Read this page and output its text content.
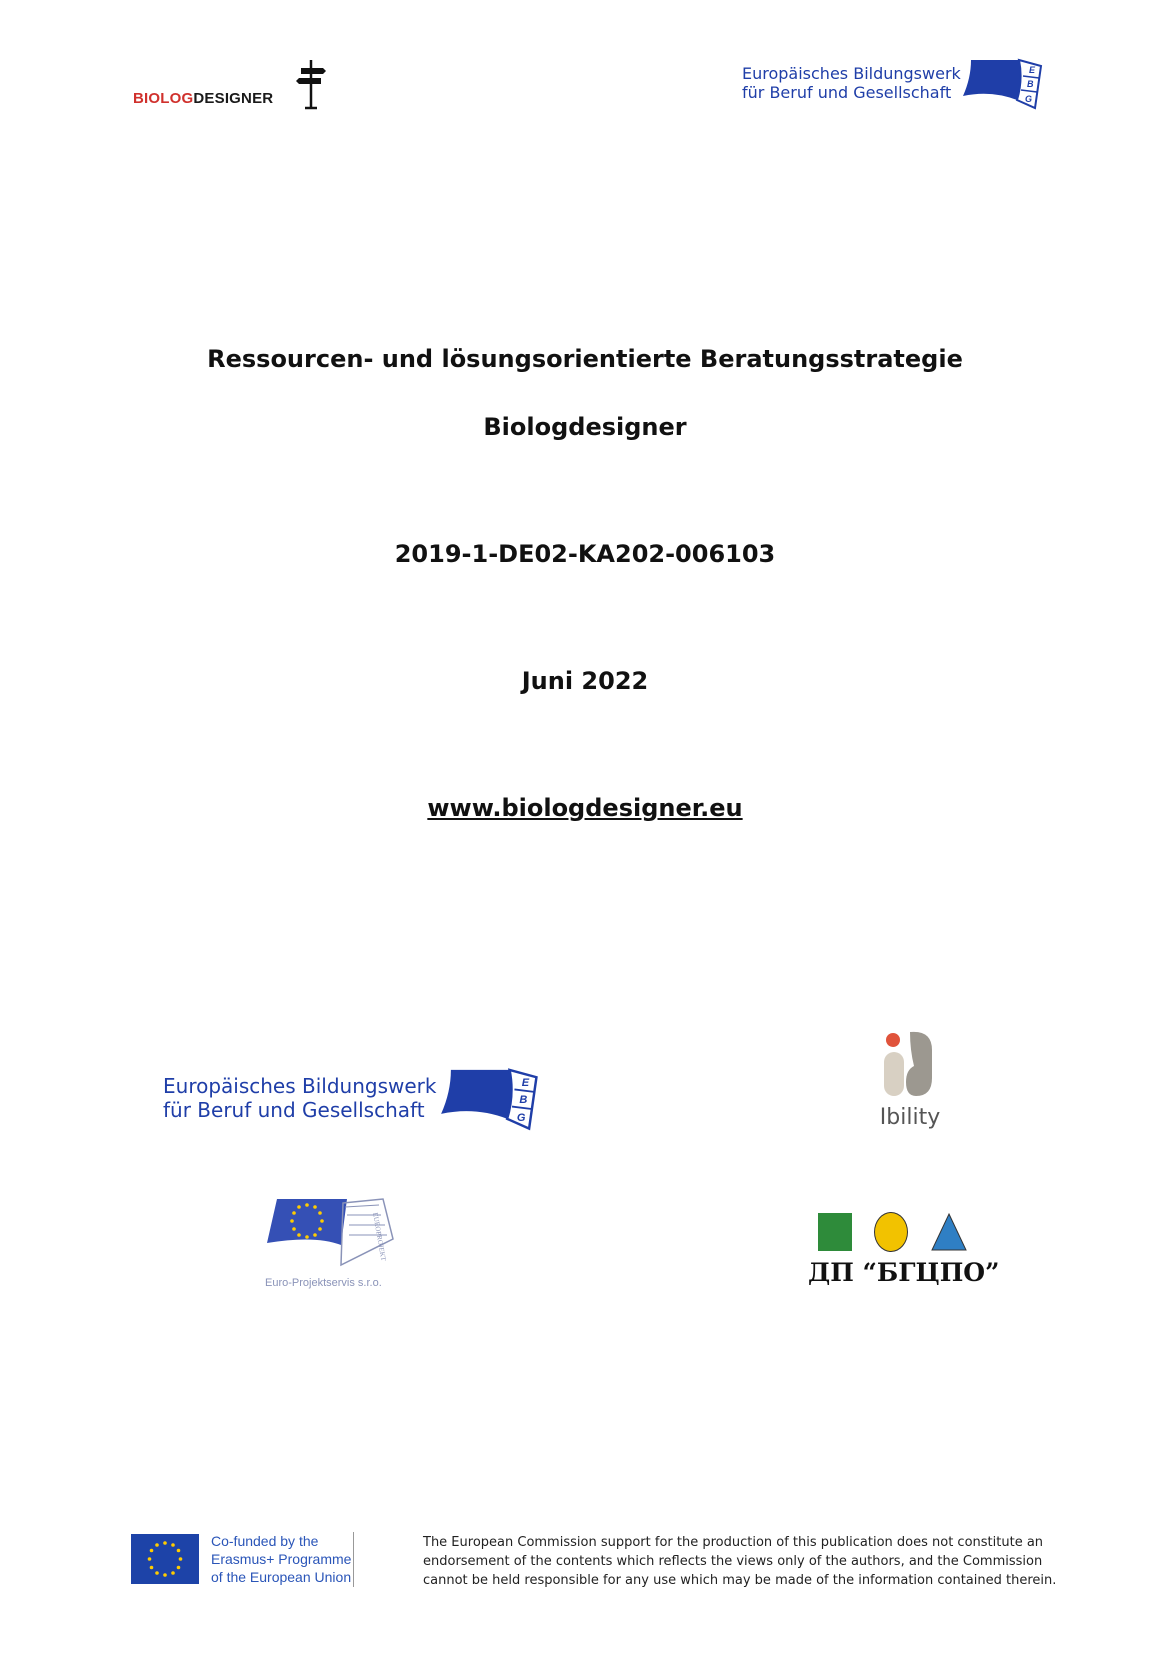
BIOLOGDESIGNER
Europäisches Bildungswerk
für Beruf und Gesellschaft
E
B
G
Ressourcen- und lösungsorientierte Beratungsstrategie
Biologdesigner
2019-1-DE02-KA202-006103
Juni 2022
www.biologdesigner.eu
Europäisches Bildungswerk
für Beruf und Gesellschaft
E
B
G	Ibility
EUROPROJEKT
Euro-Projektservis s.r.o.	ДП “БГЦПО”
Co-funded by the
Erasmus+ Programme
of the European Union
The European Commission support for the production of this publication does not constitute an
endorsement of the contents which reflects the views only of the authors, and the Commission
cannot be held responsible for any use which may be made of the information contained therein.
